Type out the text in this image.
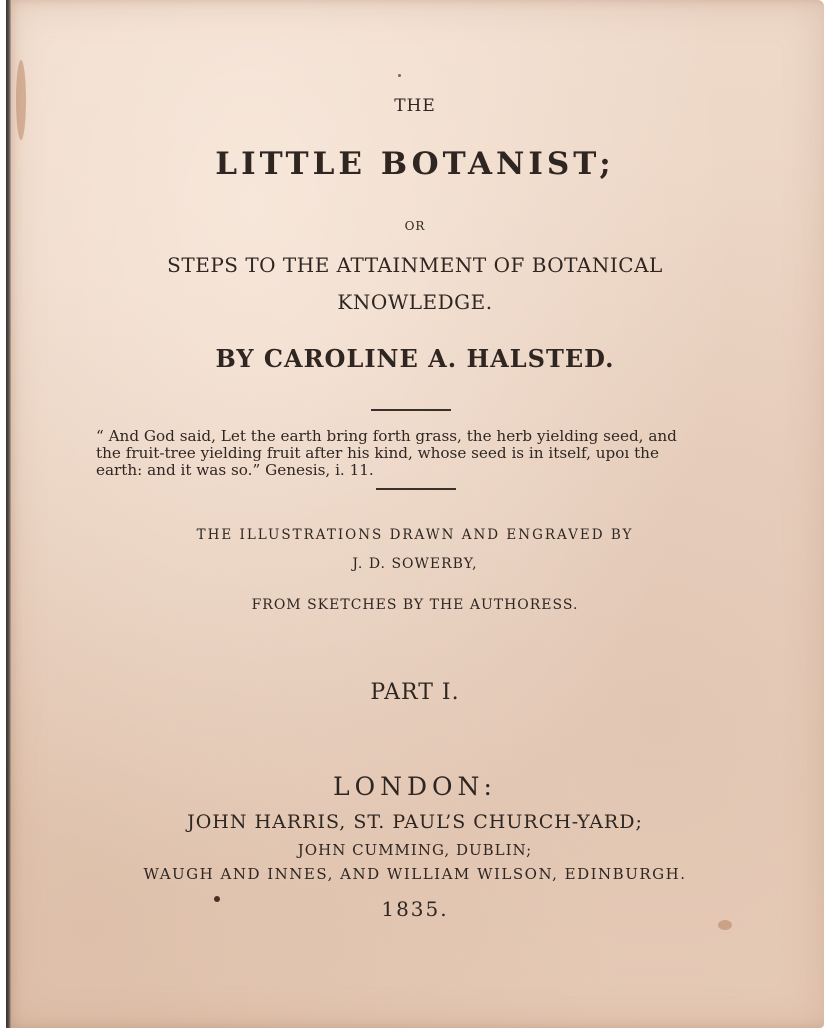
THE
LITTLE BOTANIST;
OR
STEPS TO THE ATTAINMENT OF BOTANICAL
KNOWLEDGE.
BY CAROLINE A. HALSTED.
“ And God said, Let the earth bring forth grass, the herb yielding seed, and
the fruit-tree yielding fruit after his kind, whose seed is in itself, upoı the
earth: and it was so.” Genesis, i. 11.
THE ILLUSTRATIONS DRAWN AND ENGRAVED BY
J. D. SOWERBY,
FROM SKETCHES BY THE AUTHORESS.
PART I.
LONDON:
JOHN HARRIS, ST. PAUL’S CHURCH-YARD;
JOHN CUMMING, DUBLIN;
WAUGH AND INNES, AND WILLIAM WILSON, EDINBURGH.
1835.
